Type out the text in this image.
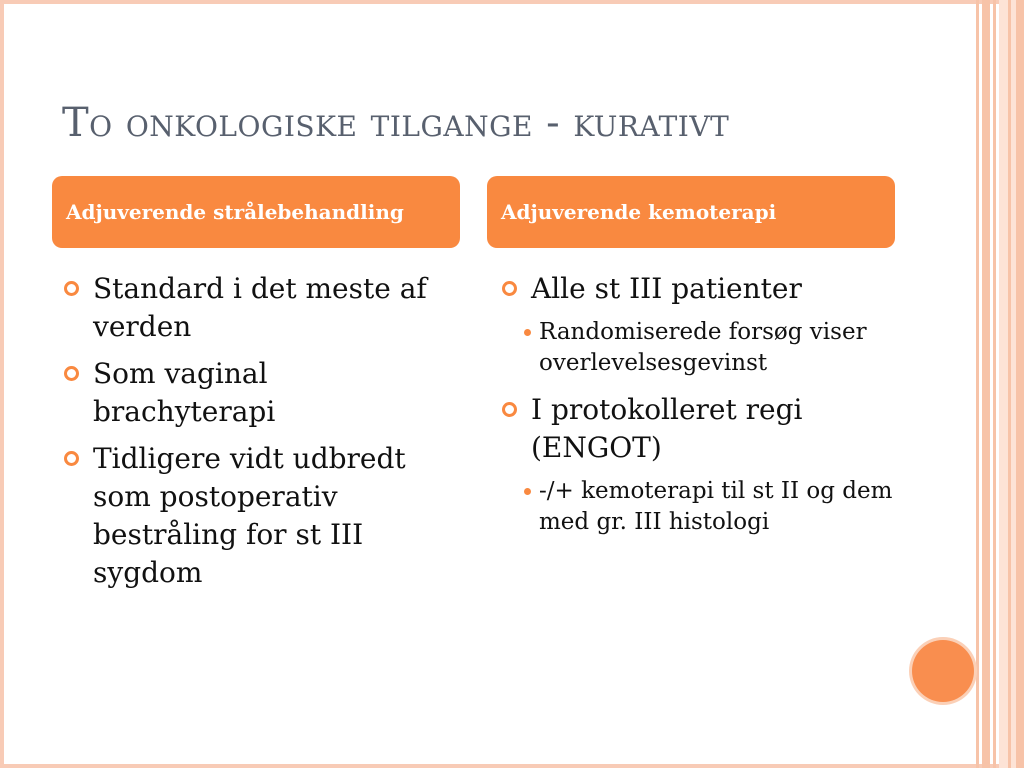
To onkologiske tilgange - kurativt
Adjuverende strålebehandling	Adjuverende kemoterapi
Standard i det meste af verden
Som vaginal brachyterapi
Tidligere vidt udbredt som postoperativ bestråling for st III sygdom
Alle st III patienter
Randomiserede forsøg viser overlevelsesgevinst
I protokolleret regi (ENGOT)
-/+ kemoterapi til st II og dem med gr. III histologi
